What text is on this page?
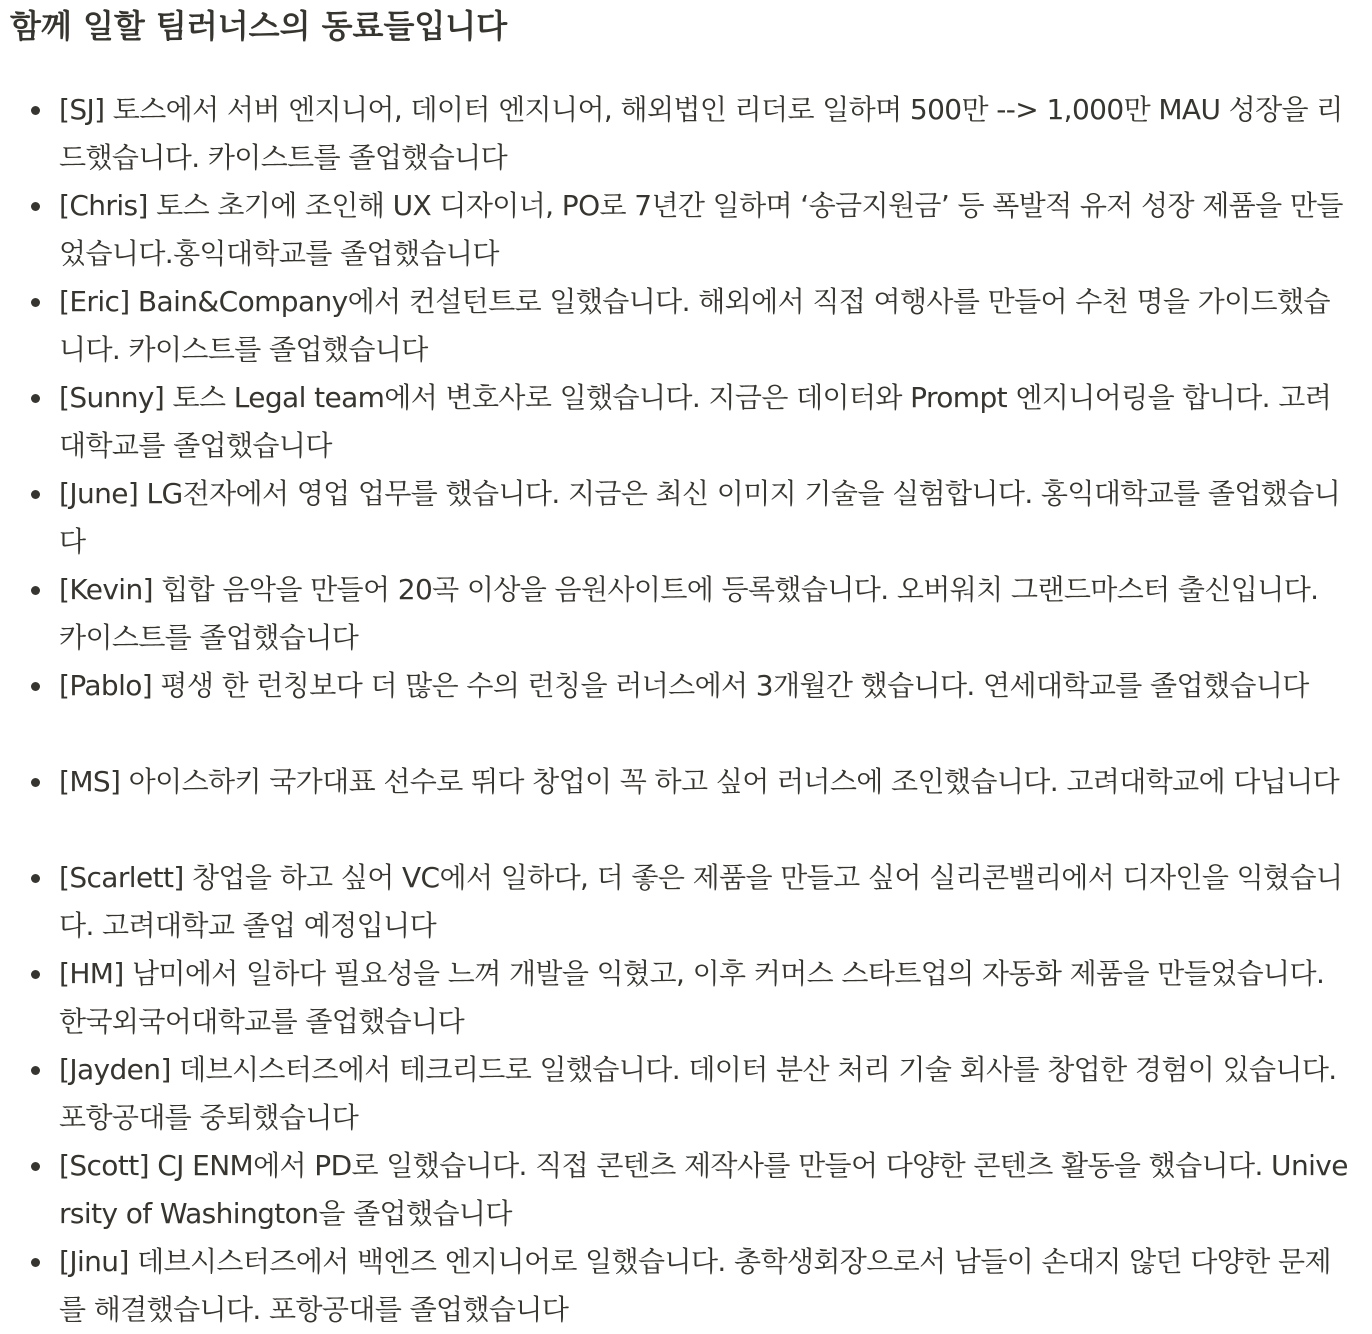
함께 일할 팀러너스의 동료들입니다
[SJ] 토스에서 서버 엔지니어, 데이터 엔지니어, 해외법인 리더로 일하며 500만 --> 1,000만 MAU 성장을 리드했습니다. 카이스트를 졸업했습니다
[Chris] 토스 초기에 조인해 UX 디자이너, PO로 7년간 일하며 ‘송금지원금’ 등 폭발적 유저 성장 제품을 만들었습니다.홍익대학교를 졸업했습니다
[Eric] Bain&Company에서 컨설턴트로 일했습니다. 해외에서 직접 여행사를 만들어 수천 명을 가이드했습니다. 카이스트를 졸업했습니다
[Sunny] 토스 Legal team에서 변호사로 일했습니다. 지금은 데이터와 Prompt 엔지니어링을 합니다. 고려대학교를 졸업했습니다
[June] LG전자에서 영업 업무를 했습니다. 지금은 최신 이미지 기술을 실험합니다. 홍익대학교를 졸업했습니다
[Kevin] 힙합 음악을 만들어 20곡 이상을 음원사이트에 등록했습니다. 오버워치 그랜드마스터 출신입니다. 카이스트를 졸업했습니다
[Pablo] 평생 한 런칭보다 더 많은 수의 런칭을 러너스에서 3개월간 했습니다. 연세대학교를 졸업했습니다
[MS] 아이스하키 국가대표 선수로 뛰다 창업이 꼭 하고 싶어 러너스에 조인했습니다. 고려대학교에 다닙니다
[Scarlett] 창업을 하고 싶어 VC에서 일하다, 더 좋은 제품을 만들고 싶어 실리콘밸리에서 디자인을 익혔습니다. 고려대학교 졸업 예정입니다
[HM] 남미에서 일하다 필요성을 느껴 개발을 익혔고, 이후 커머스 스타트업의 자동화 제품을 만들었습니다. 한국외국어대학교를 졸업했습니다
[Jayden] 데브시스터즈에서 테크리드로 일했습니다. 데이터 분산 처리 기술 회사를 창업한 경험이 있습니다. 포항공대를 중퇴했습니다
[Scott] CJ ENM에서 PD로 일했습니다. 직접 콘텐츠 제작사를 만들어 다양한 콘텐츠 활동을 했습니다. University of Washington을 졸업했습니다
[Jinu] 데브시스터즈에서 백엔즈 엔지니어로 일했습니다. 총학생회장으로서 남들이 손대지 않던 다양한 문제를 해결했습니다. 포항공대를 졸업했습니다
